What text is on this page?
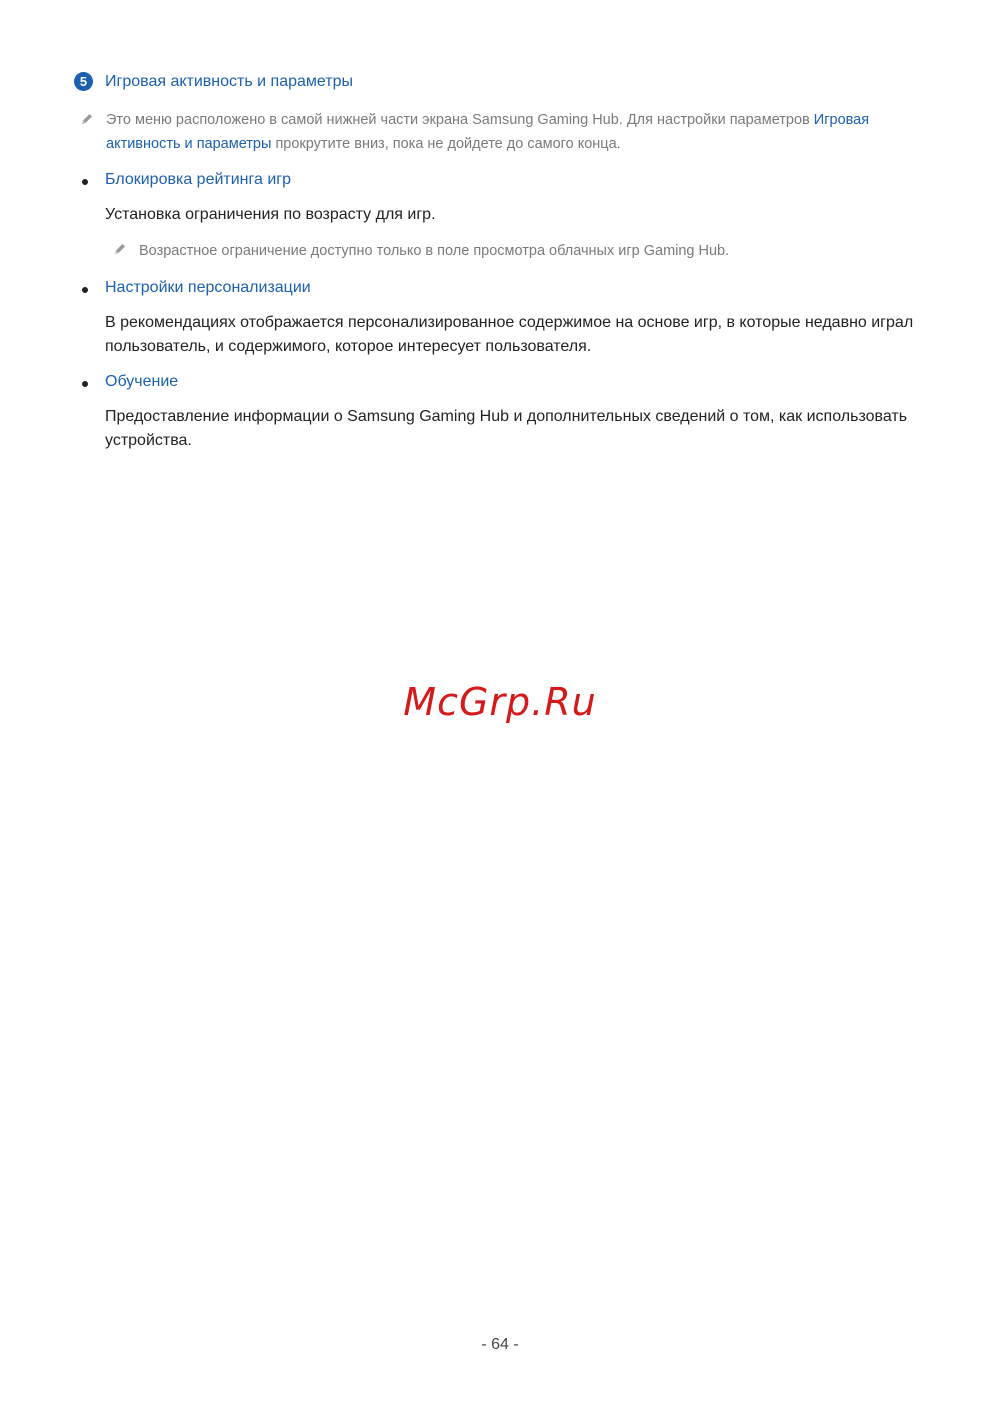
5	Игровая активность и параметры
Это меню расположено в самой нижней части экрана Samsung Gaming Hub. Для настройки параметров Игровая активность и параметры прокрутите вниз, пока не дойдете до самого конца.
Блокировка рейтинга игр
Установка ограничения по возрасту для игр.
Возрастное ограничение доступно только в поле просмотра облачных игр Gaming Hub.
Настройки персонализации
В рекомендациях отображается персонализированное содержимое на основе игр, в которые недавно играл пользователь, и содержимого, которое интересует пользователя.
Обучение
Предоставление информации о Samsung Gaming Hub и дополнительных сведений о том, как использовать устройства.
McGrp.Ru
- 64 -
